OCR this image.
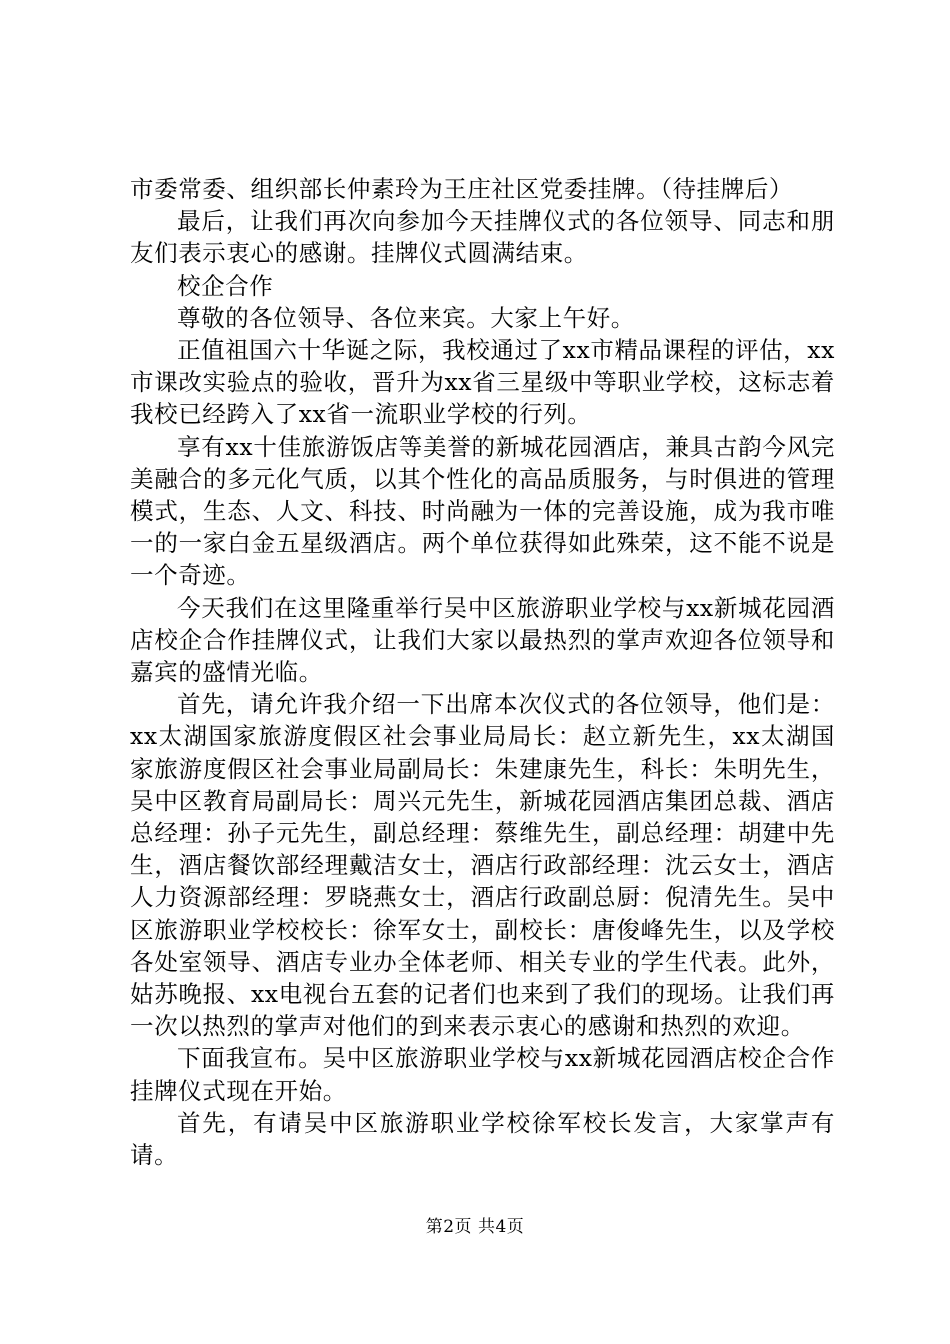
市委常委、组织部长仲素玲为王庄社区党委挂牌。（待挂牌后）

最后，让我们再次向参加今天挂牌仪式的各位领导、同志和朋友们表示衷心的感谢。挂牌仪式圆满结束。

校企合作

尊敬的各位领导、各位来宾。大家上午好。

正值祖国六十华诞之际，我校通过了xx市精品课程的评估，xx市课改实验点的验收，晋升为xx省三星级中等职业学校，这标志着我校已经跨入了xx省一流职业学校的行列。

享有xx十佳旅游饭店等美誉的新城花园酒店，兼具古韵今风完美融合的多元化气质，以其个性化的高品质服务，与时俱进的管理模式，生态、人文、科技、时尚融为一体的完善设施，成为我市唯一的一家白金五星级酒店。两个单位获得如此殊荣，这不能不说是一个奇迹。

今天我们在这里隆重举行吴中区旅游职业学校与xx新城花园酒店校企合作挂牌仪式，让我们大家以最热烈的掌声欢迎各位领导和嘉宾的盛情光临。

首先，请允许我介绍一下出席本次仪式的各位领导，他们是：xx太湖国家旅游度假区社会事业局局长：赵立新先生，xx太湖国家旅游度假区社会事业局副局长：朱建康先生，科长：朱明先生，吴中区教育局副局长：周兴元先生，新城花园酒店集团总裁、酒店总经理：孙子元先生，副总经理：蔡维先生，副总经理：胡建中先生，酒店餐饮部经理戴洁女士，酒店行政部经理：沈云女士，酒店人力资源部经理：罗晓燕女士，酒店行政副总厨：倪清先生。吴中区旅游职业学校校长：徐军女士，副校长：唐俊峰先生，以及学校各处室领导、酒店专业办全体老师、相关专业的学生代表。此外，姑苏晚报、xx电视台五套的记者们也来到了我们的现场。让我们再一次以热烈的掌声对他们的到来表示衷心的感谢和热烈的欢迎。

下面我宣布。吴中区旅游职业学校与xx新城花园酒店校企合作挂牌仪式现在开始。

首先，有请吴中区旅游职业学校徐军校长发言，大家掌声有请。

第2页 共4页
